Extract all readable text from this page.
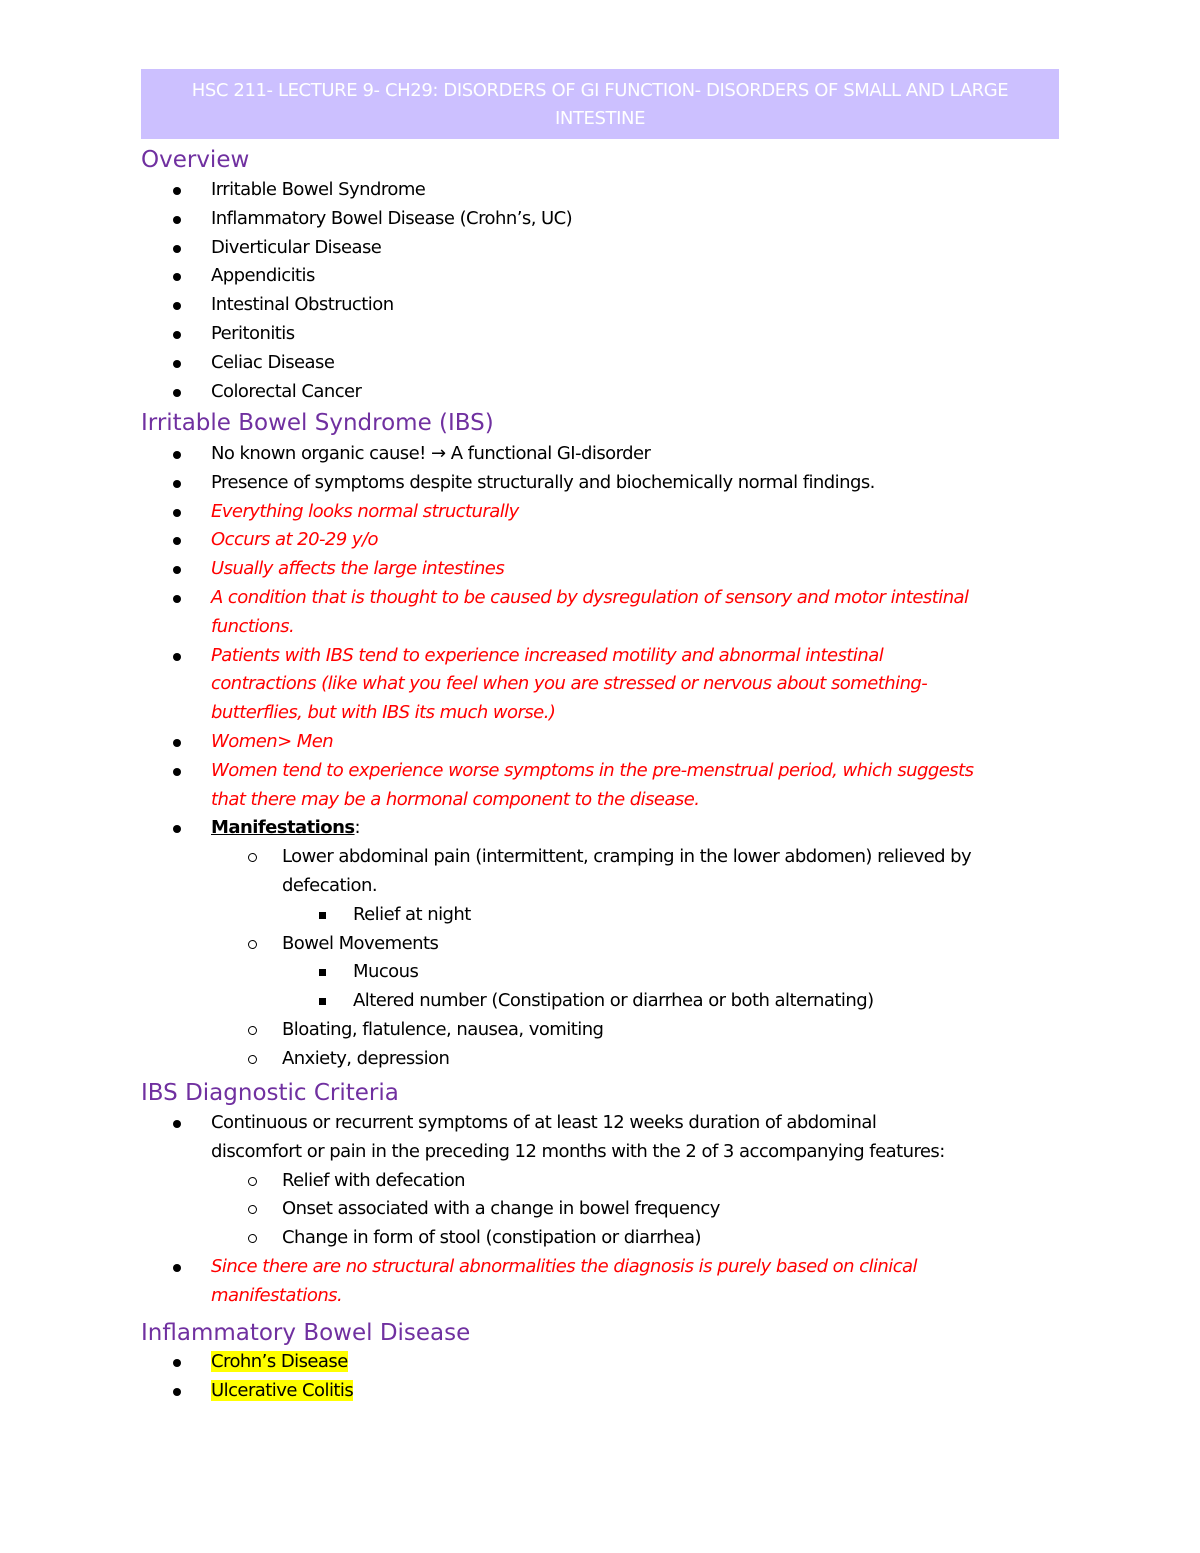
HSC 211- LECTURE 9- CH29: DISORDERS OF GI FUNCTION- DISORDERS OF SMALL AND LARGE
INTESTINE
Overview
Irritable Bowel Syndrome
Inflammatory Bowel Disease (Crohn’s, UC)
Diverticular Disease
Appendicitis
Intestinal Obstruction
Peritonitis
Celiac Disease
Colorectal Cancer
Irritable Bowel Syndrome (IBS)
No known organic cause! → A functional GI-disorder
Presence of symptoms despite structurally and biochemically normal findings.
Everything looks normal structurally
Occurs at 20-29 y/o
Usually affects the large intestines
A condition that is thought to be caused by dysregulation of sensory and motor intestinal
functions.
Patients with IBS tend to experience increased motility and abnormal intestinal
contractions (like what you feel when you are stressed or nervous about something-
butterflies, but with IBS its much worse.)
Women> Men
Women tend to experience worse symptoms in the pre-menstrual period, which suggests
that there may be a hormonal component to the disease.
Manifestations:
Lower abdominal pain (intermittent, cramping in the lower abdomen) relieved by
defecation.
Relief at night
Bowel Movements
Mucous
Altered number (Constipation or diarrhea or both alternating)
Bloating, flatulence, nausea, vomiting
Anxiety, depression
IBS Diagnostic Criteria
Continuous or recurrent symptoms of at least 12 weeks duration of abdominal
discomfort or pain in the preceding 12 months with the 2 of 3 accompanying features:
Relief with defecation
Onset associated with a change in bowel frequency
Change in form of stool (constipation or diarrhea)
Since there are no structural abnormalities the diagnosis is purely based on clinical
manifestations.
Inflammatory Bowel Disease
Crohn’s Disease
Ulcerative Colitis
